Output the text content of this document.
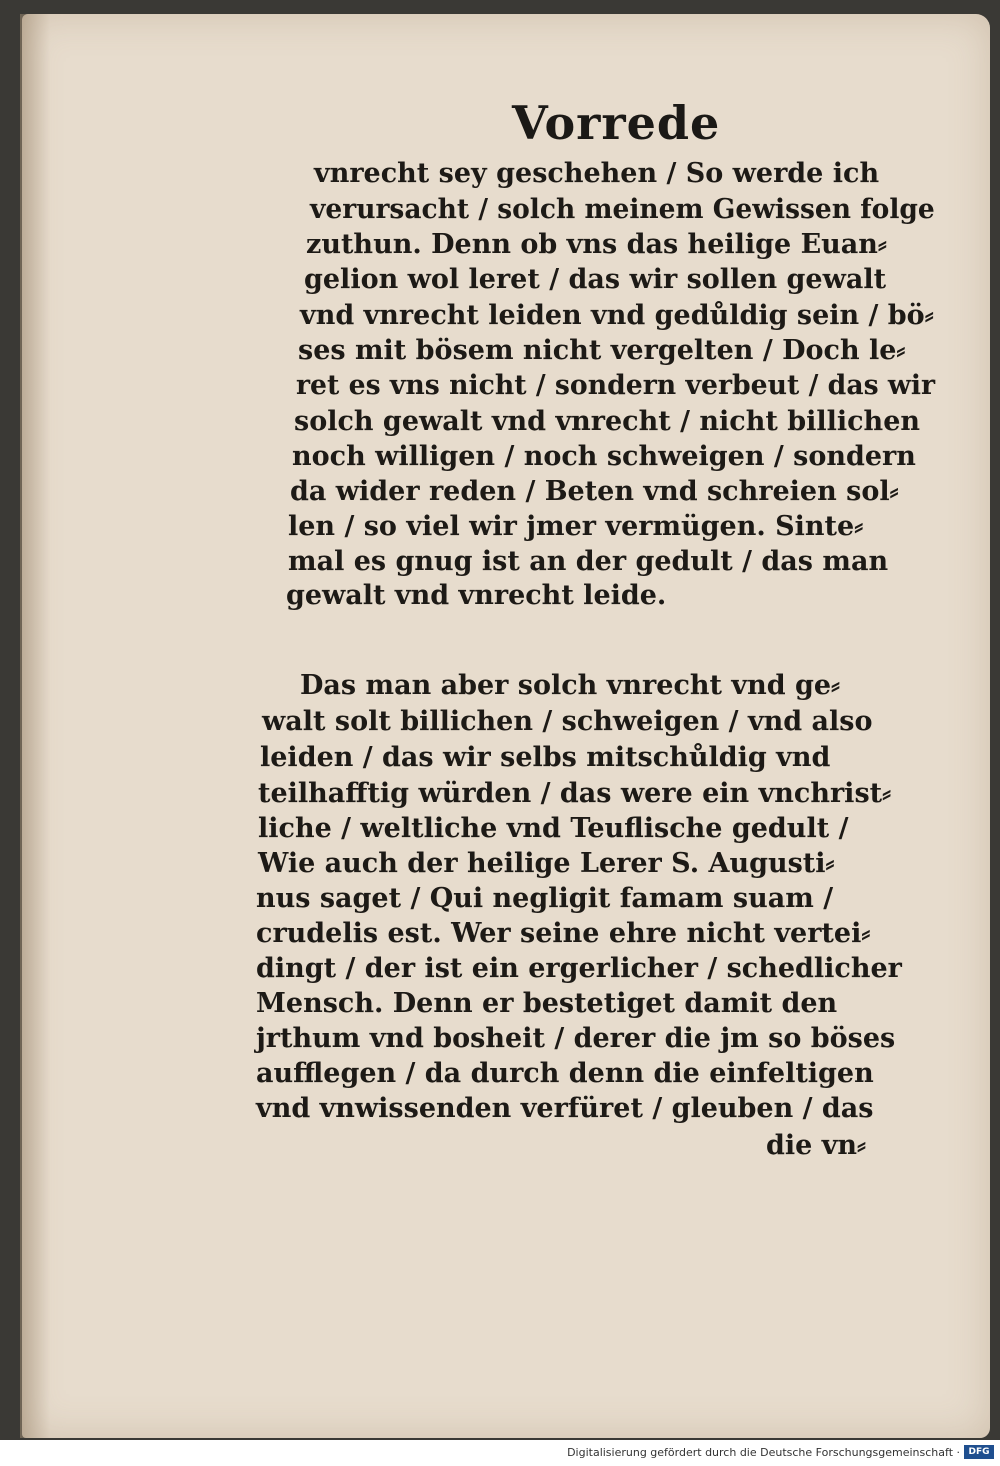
Vorrede
vnrecht sey geschehen / So werde ich
verursacht / solch meinem Gewissen folge
zuthun. Denn ob vns das heilige Euan⸗
gelion wol leret / das wir sollen gewalt
vnd vnrecht leiden vnd gedůldig sein / bö⸗
ses mit bösem nicht vergelten / Doch le⸗
ret es vns nicht / sondern verbeut / das wir
solch gewalt vnd vnrecht / nicht billichen
noch willigen / noch schweigen / sondern
da wider reden / Beten vnd schreien sol⸗
len / so viel wir jmer vermügen. Sinte⸗
mal es gnug ist an der gedult / das man
gewalt vnd vnrecht leide.
Das man aber solch vnrecht vnd ge⸗
walt solt billichen / schweigen / vnd also
leiden / das wir selbs mitschůldig vnd
teilhafftig würden / das were ein vnchrist⸗
liche / weltliche vnd Teuflische gedult /
Wie auch der heilige Lerer S. Augusti⸗
nus saget / Qui negligit famam suam /
crudelis est. Wer seine ehre nicht vertei⸗
dingt / der ist ein ergerlicher / schedlicher
Mensch. Denn er bestetiget damit den
jrthum vnd bosheit / derer die jm so böses
aufflegen / da durch denn die einfeltigen
vnd vnwissenden verfüret / gleuben / das
die vn⸗
Digitalisierung gefördert durch die Deutsche Forschungsgemeinschaft · DFG
